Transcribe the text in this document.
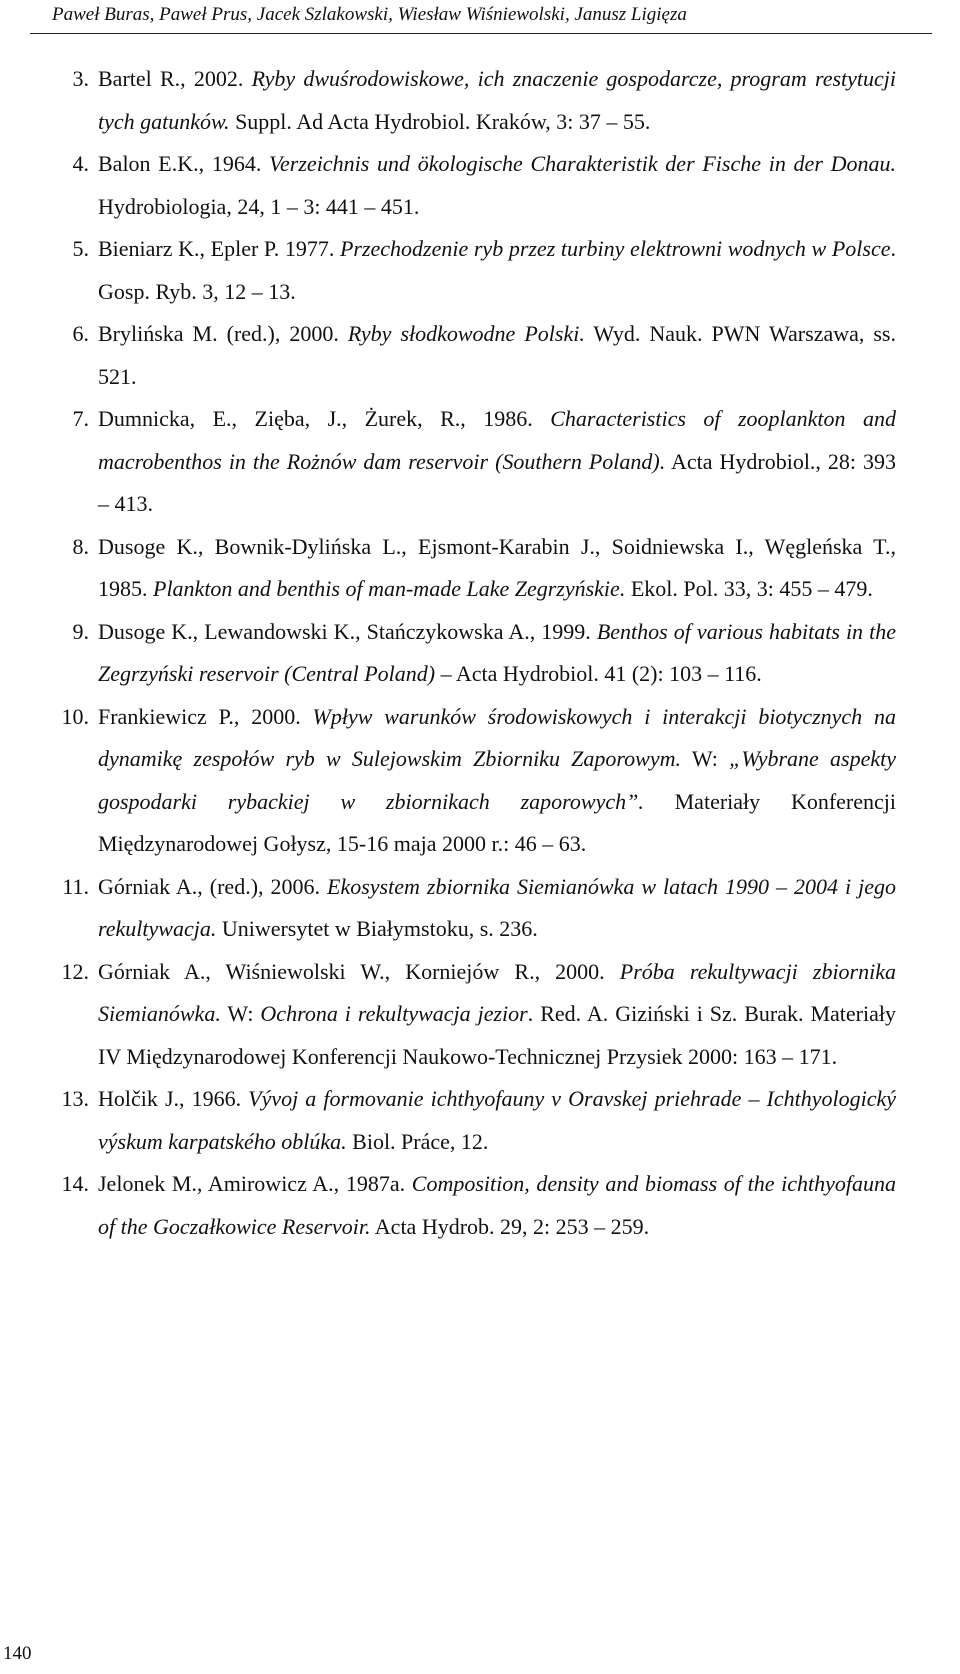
Paweł Buras, Paweł Prus, Jacek Szlakowski, Wiesław Wiśniewolski, Janusz Ligięza
3. Bartel R., 2002. Ryby dwuśrodowiskowe, ich znaczenie gospodarcze, program restytucji tych gatunków. Suppl. Ad Acta Hydrobiol. Kraków, 3: 37 – 55.
4. Balon E.K., 1964. Verzeichnis und ökologische Charakteristik der Fische in der Donau. Hydrobiologia, 24, 1 – 3: 441 – 451.
5. Bieniarz K., Epler P. 1977. Przechodzenie ryb przez turbiny elektrowni wodnych w Polsce. Gosp. Ryb. 3, 12 – 13.
6. Brylińska M. (red.), 2000. Ryby słodkowodne Polski. Wyd. Nauk. PWN Warszawa, ss. 521.
7. Dumnicka, E., Zięba, J., Żurek, R., 1986. Characteristics of zooplankton and macrobenthos in the Rożnów dam reservoir (Southern Poland). Acta Hydrobiol., 28: 393 – 413.
8. Dusoge K., Bownik-Dylińska L., Ejsmont-Karabin J., Soidniewska I., Węgleńska T., 1985. Plankton and benthis of man-made Lake Zegrzyńskie. Ekol. Pol. 33, 3: 455 – 479.
9. Dusoge K., Lewandowski K., Stańczykowska A., 1999. Benthos of various habitats in the Zegrzyński reservoir (Central Poland) – Acta Hydrobiol. 41 (2): 103 – 116.
10. Frankiewicz P., 2000. Wpływ warunków środowiskowych i interakcji biotycznych na dynamikę zespołów ryb w Sulejowskim Zbiorniku Zaporowym. W: „Wybrane aspekty gospodarki rybackiej w zbiornikach zaporowych”. Materiały Konferencji Międzynarodowej Gołysz, 15-16 maja 2000 r.: 46 – 63.
11. Górniak A., (red.), 2006. Ekosystem zbiornika Siemianówka w latach 1990 – 2004 i jego rekultywacja. Uniwersytet w Białymstoku, s. 236.
12. Górniak A., Wiśniewolski W., Korniejów R., 2000. Próba rekultywacji zbiornika Siemianówka. W: Ochrona i rekultywacja jezior. Red. A. Giziński i Sz. Burak. Materiały IV Międzynarodowej Konferencji Naukowo-Technicznej Przysiek 2000: 163 – 171.
13. Holčik J., 1966. Vývoj a formovanie ichthyofauny v Oravskej priehrade – Ichthyologický výskum karpatského oblúka. Biol. Práce, 12.
14. Jelonek M., Amirowicz A., 1987a. Composition, density and biomass of the ichthyofauna of the Goczałkowice Reservoir. Acta Hydrob. 29, 2: 253 – 259.
140
